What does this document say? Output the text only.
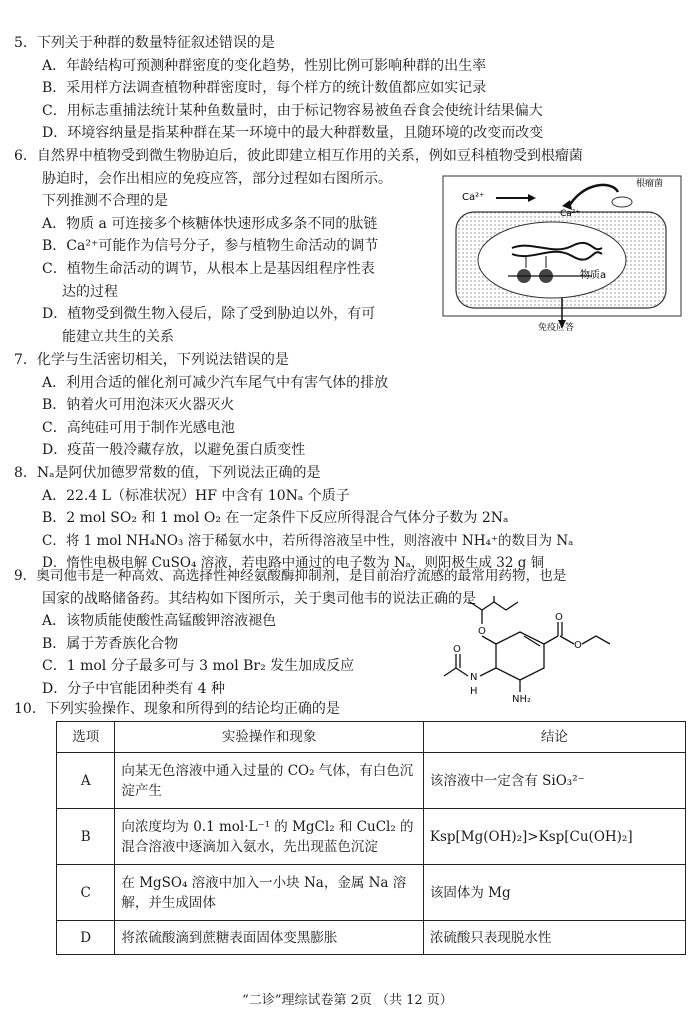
5．下列关于种群的数量特征叙述错误的是
A．年龄结构可预测种群密度的变化趋势，性别比例可影响种群的出生率
B．采用样方法调查植物种群密度时，每个样方的统计数值都应如实记录
C．用标志重捕法统计某种鱼数量时，由于标记物容易被鱼吞食会使统计结果偏大
D．环境容纳量是指某种群在某一环境中的最大种群数量，且随环境的改变而改变
6．自然界中植物受到微生物胁迫后，彼此即建立相互作用的关系，例如豆科植物受到根瘤菌
胁迫时，会作出相应的免疫应答，部分过程如右图所示。
下列推测不合理的是
A．物质 a 可连接多个核糖体快速形成多条不同的肽链
B．Ca²⁺可能作为信号分子，参与植物生命活动的调节
C．植物生命活动的调节，从根本上是基因组程序性表
达的过程
D．植物受到微生物入侵后，除了受到胁迫以外，有可
能建立共生的关系
物质a
Ca²⁺
Ca²⁺
根瘤菌
免疫应答
7．化学与生活密切相关，下列说法错误的是
A．利用合适的催化剂可减少汽车尾气中有害气体的排放
B．钠着火可用泡沫灭火器灭火
C．高纯硅可用于制作光感电池
D．疫苗一般冷藏存放，以避免蛋白质变性
8．Nₐ是阿伏加德罗常数的值，下列说法正确的是
A．22.4 L（标准状况）HF 中含有 10Nₐ 个质子
B．2 mol SO₂ 和 1 mol O₂ 在一定条件下反应所得混合气体分子数为 2Nₐ
C．将 1 mol NH₄NO₃ 溶于稀氨水中，若所得溶液呈中性，则溶液中 NH₄⁺的数目为 Nₐ
D．惰性电极电解 CuSO₄ 溶液，若电路中通过的电子数为 Nₐ，则阳极生成 32 g 铜
9．奥司他韦是一种高效、高选择性神经氨酸酶抑制剂，是目前治疗流感的最常用药物，也是
国家的战略储备药。其结构如下图所示，关于奥司他韦的说法正确的是
A．该物质能使酸性高锰酸钾溶液褪色
B．属于芳香族化合物
C．1 mol 分子最多可与 3 mol Br₂ 发生加成反应
D．分子中官能团种类有 4 种
O
O
O
O
N
H
NH₂
10．下列实验操作、现象和所得到的结论均正确的是
选项	实验操作和现象	结论
A	向某无色溶液中通入过量的 CO₂ 气体，有白色沉淀产生	该溶液中一定含有 SiO₃²⁻
B	向浓度均为 0.1 mol·L⁻¹ 的 MgCl₂ 和 CuCl₂ 的混合溶液中逐滴加入氨水，先出现蓝色沉淀	Ksp[Mg(OH)₂]>Ksp[Cu(OH)₂]
C	在 MgSO₄ 溶液中加入一小块 Na，金属 Na 溶解，并生成固体	该固体为 Mg
D	将浓硫酸滴到蔗糖表面固体变黑膨胀	浓硫酸只表现脱水性
“二诊”理综试卷第 2页 （共 12 页）
